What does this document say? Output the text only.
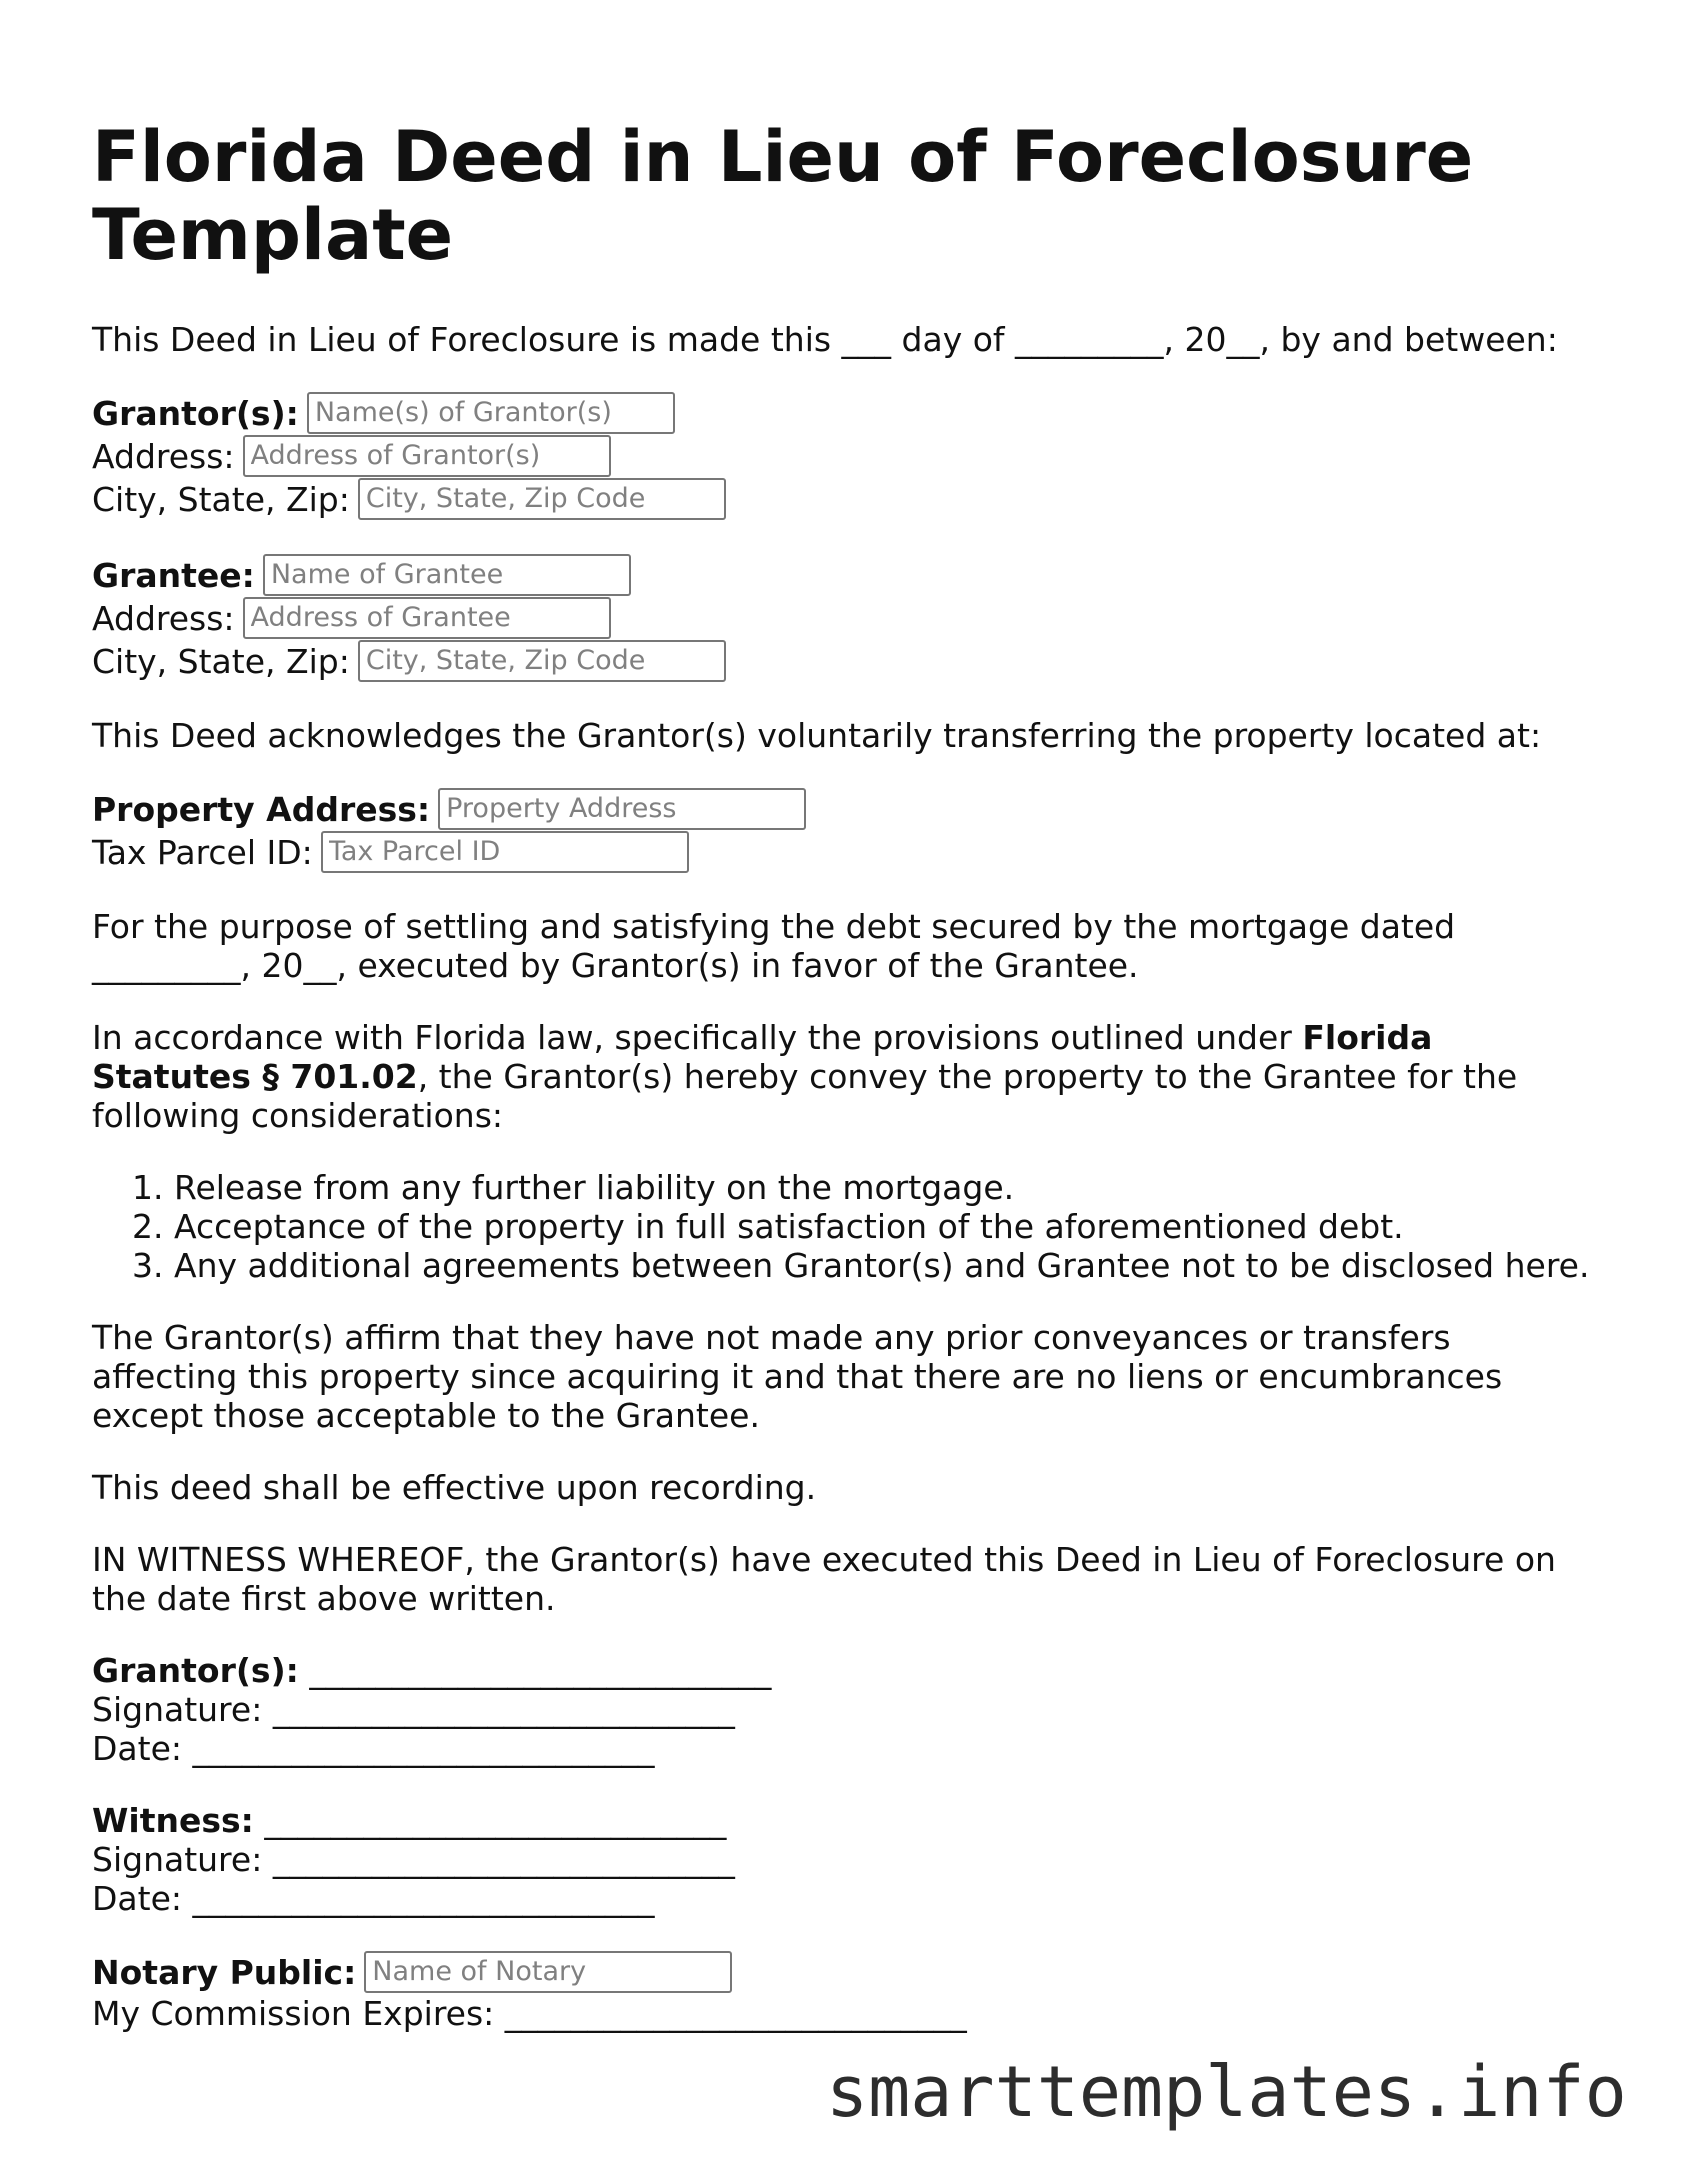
Florida Deed in Lieu of Foreclosure Template

This Deed in Lieu of Foreclosure is made this ___ day of _________, 20__, by and between:

Grantor(s):Name(s) of Grantor(s)
Address:Address of Grantor(s)
City, State, Zip:City, State, Zip Code
Grantee:Name of Grantee
Address:Address of Grantee
City, State, Zip:City, State, Zip Code

This Deed acknowledges the Grantor(s) voluntarily transferring the property located at:

Property Address:Property Address
Tax Parcel ID:Tax Parcel ID

For the purpose of settling and satisfying the debt secured by the mortgage dated
_________, 20__, executed by Grantor(s) in favor of the Grantee.

In accordance with Florida law, specifically the provisions outlined under Florida Statutes § 701.02, the Grantor(s) hereby convey the property to the Grantee for the following considerations:

1. Release from any further liability on the mortgage.
2. Acceptance of the property in full satisfaction of the aforementioned debt.
3. Any additional agreements between Grantor(s) and Grantee not to be disclosed here.

The Grantor(s) affirm that they have not made any prior conveyances or transfers affecting this property since acquiring it and that there are no liens or encumbrances except those acceptable to the Grantee.

This deed shall be effective upon recording.

IN WITNESS WHEREOF, the Grantor(s) have executed this Deed in Lieu of Foreclosure on the date first above written.

Grantor(s): ____________________________
Signature: ____________________________
Date: ____________________________
Witness: ____________________________
Signature: ____________________________
Date: ____________________________
Notary Public:Name of Notary
My Commission Expires: ____________________________
smarttemplates.info
